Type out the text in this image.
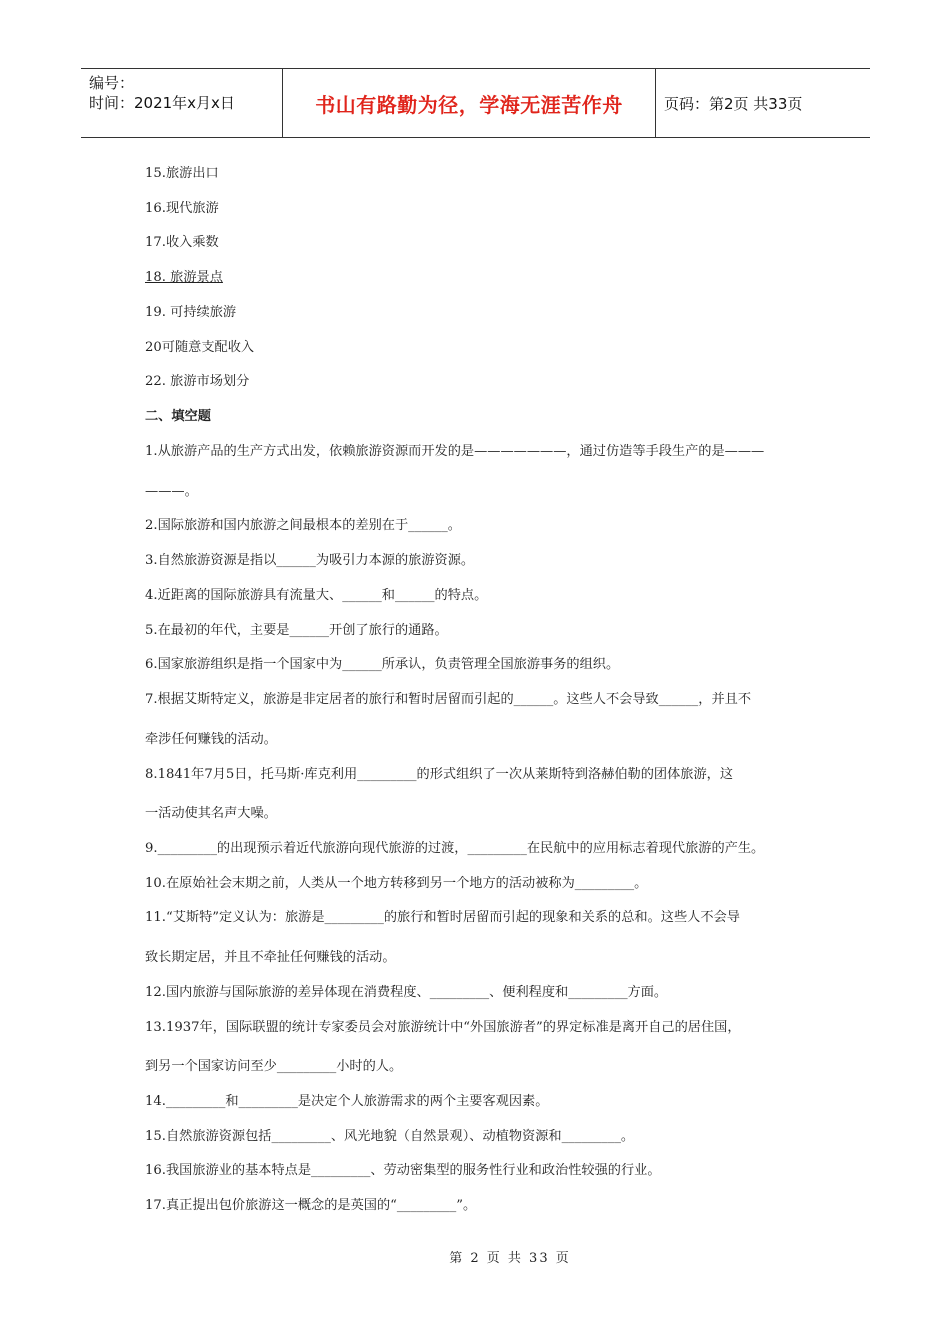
编号：
时间：2021年x月x日	书山有路勤为径，学海无涯苦作舟	页码：第2页 共33页
15.旅游出口
16.现代旅游
17.收入乘数
18. 旅游景点
19. 可持续旅游
20可随意支配收入
22. 旅游市场划分
二、填空题
1.从旅游产品的生产方式出发，依赖旅游资源而开发的是———————，通过仿造等手段生产的是———
———。
2.国际旅游和国内旅游之间最根本的差别在于______。
3.自然旅游资源是指以______为吸引力本源的旅游资源。
4.近距离的国际旅游具有流量大、______和______的特点。
5.在最初的年代，主要是______开创了旅行的通路。
6.国家旅游组织是指一个国家中为______所承认，负责管理全国旅游事务的组织。
7.根据艾斯特定义，旅游是非定居者的旅行和暂时居留而引起的______。这些人不会导致______，并且不
牵涉任何赚钱的活动。
8.1841年7月5日，托马斯·库克利用_________的形式组织了一次从莱斯特到洛赫伯勒的团体旅游，这
一活动使其名声大噪。
9._________的出现预示着近代旅游向现代旅游的过渡，_________在民航中的应用标志着现代旅游的产生。
10.在原始社会末期之前，人类从一个地方转移到另一个地方的活动被称为_________。
11.“艾斯特”定义认为：旅游是_________的旅行和暂时居留而引起的现象和关系的总和。这些人不会导
致长期定居，并且不牵扯任何赚钱的活动。
12.国内旅游与国际旅游的差异体现在消费程度、_________、便利程度和_________方面。
13.1937年，国际联盟的统计专家委员会对旅游统计中“外国旅游者”的界定标准是离开自己的居住国，
到另一个国家访问至少_________小时的人。
14._________和_________是决定个人旅游需求的两个主要客观因素。
15.自然旅游资源包括_________、风光地貌（自然景观）、动植物资源和_________。
16.我国旅游业的基本特点是_________、劳动密集型的服务性行业和政治性较强的行业。
17.真正提出包价旅游这一概念的是英国的“_________”。
第 2 页 共 33 页
